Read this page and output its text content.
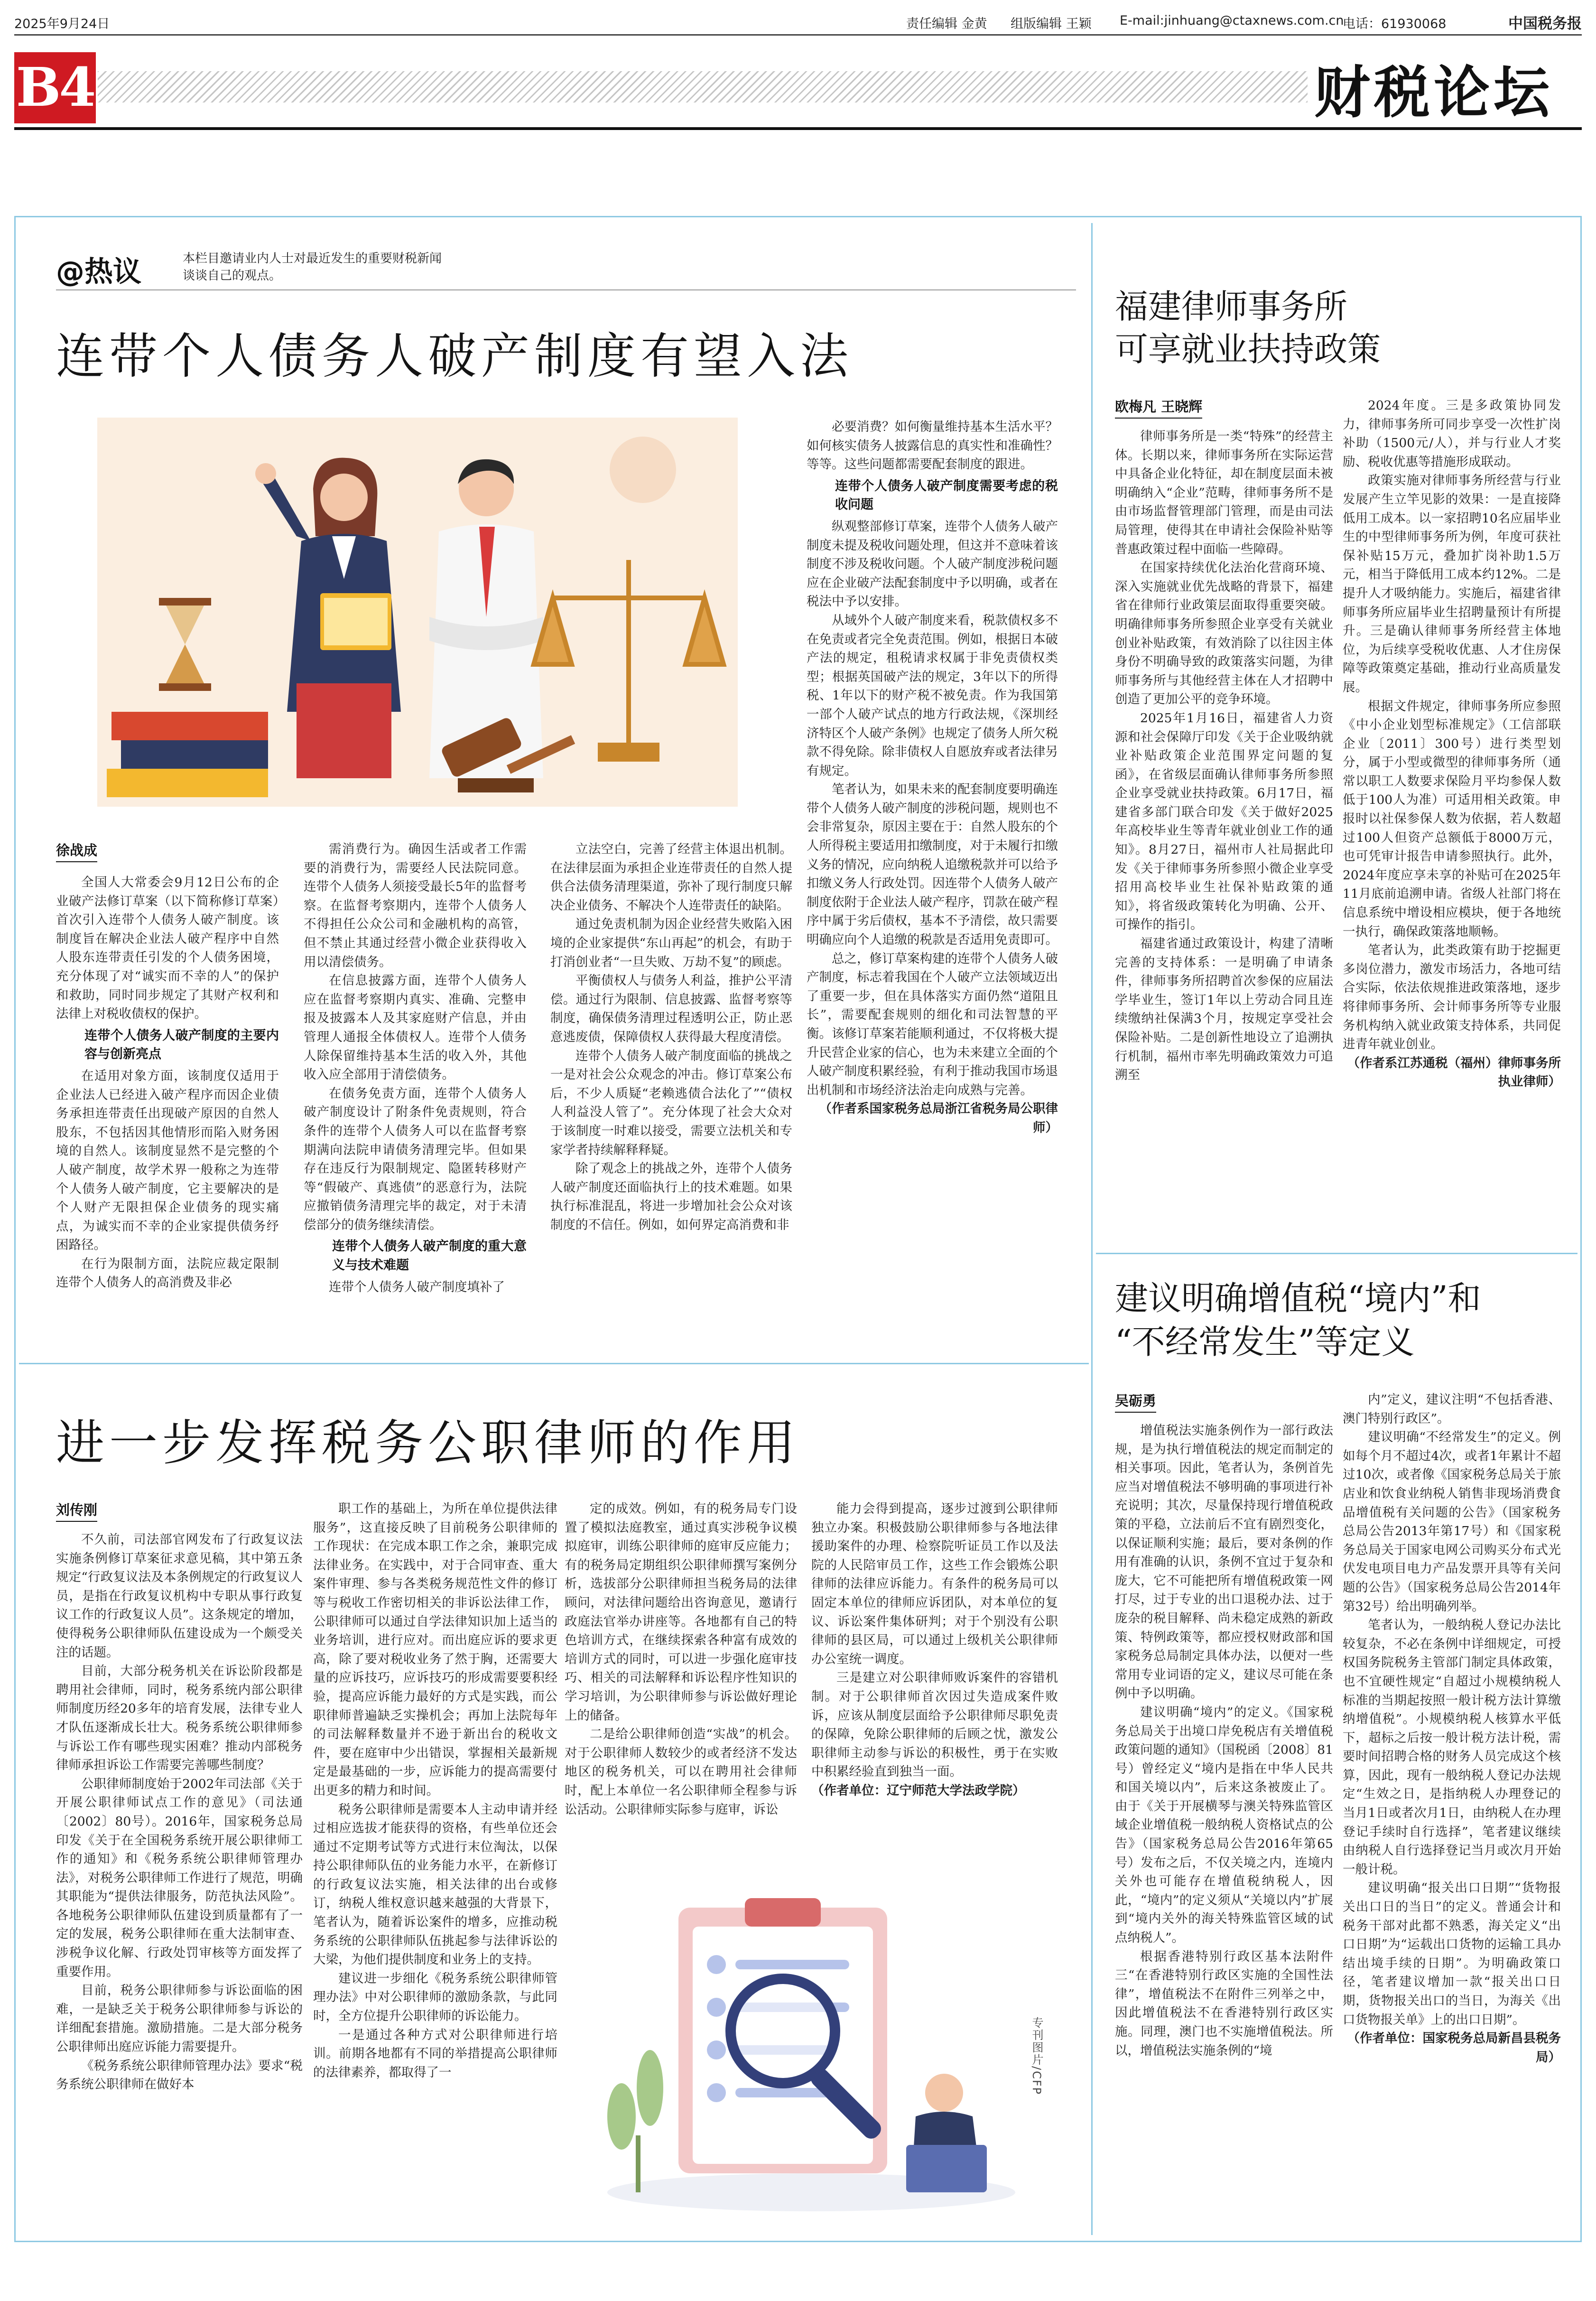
2025年9月24日	责任编辑 金黄 组版编辑 王颖 E-mail:jinhuang@ctaxnews.com.cn
电话：61930068	中国税务报
B4	财税论坛
@热议	本栏目邀请业内人士对最近发生的重要财税新闻谈谈自己的观点。
连带个人债务人破产制度有望入法
徐战成

全国人大常委会9月12日公布的企业破产法修订草案（以下简称修订草案）首次引入连带个人债务人破产制度。该制度旨在解决企业法人破产程序中自然人股东连带责任引发的个人债务困境，充分体现了对“诚实而不幸的人”的保护和救助，同时同步规定了其财产权利和法律上对税收债权的保护。

连带个人债务人破产制度的主要内容与创新亮点

在适用对象方面，该制度仅适用于企业法人已经进入破产程序而因企业债务承担连带责任出现破产原因的自然人股东，不包括因其他情形而陷入财务困境的自然人。该制度显然不是完整的个人破产制度，故学术界一般称之为连带个人债务人破产制度，它主要解决的是个人财产无限担保企业债务的现实痛点，为诚实而不幸的企业家提供债务纾困路径。

在行为限制方面，法院应裁定限制连带个人债务人的高消费及非必

需消费行为。确因生活或者工作需要的消费行为，需要经人民法院同意。连带个人债务人须接受最长5年的监督考察。在监督考察期内，连带个人债务人不得担任公众公司和金融机构的高管，但不禁止其通过经营小微企业获得收入用以清偿债务。

在信息披露方面，连带个人债务人应在监督考察期内真实、准确、完整申报及披露本人及其家庭财产信息，并由管理人通报全体债权人。连带个人债务人除保留维持基本生活的收入外，其他收入应全部用于清偿债务。

在债务免责方面，连带个人债务人破产制度设计了附条件免责规则，符合条件的连带个人债务人可以在监督考察期满向法院申请债务清理完毕。但如果存在违反行为限制规定、隐匿转移财产等“假破产、真逃债”的恶意行为，法院应撤销债务清理完毕的裁定，对于未清偿部分的债务继续清偿。

连带个人债务人破产制度的重大意义与技术难题

连带个人债务人破产制度填补了

立法空白，完善了经营主体退出机制。在法律层面为承担企业连带责任的自然人提供合法债务清理渠道，弥补了现行制度只解决企业债务、不解决个人连带责任的缺陷。

通过免责机制为因企业经营失败陷入困境的企业家提供“东山再起”的机会，有助于打消创业者“一旦失败、万劫不复”的顾虑。

平衡债权人与债务人利益，推护公平清偿。通过行为限制、信息披露、监督考察等制度，确保债务清理过程透明公正，防止恶意逃废债，保障债权人获得最大程度清偿。

连带个人债务人破产制度面临的挑战之一是对社会公众观念的冲击。修订草案公布后，不少人质疑“老赖逃债合法化了”“债权人利益没人管了”。充分体现了社会大众对于该制度一时难以接受，需要立法机关和专家学者持续解释释疑。

除了观念上的挑战之外，连带个人债务人破产制度还面临执行上的技术难题。如果执行标准混乱，将进一步增加社会公众对该制度的不信任。例如，如何界定高消费和非

必要消费？如何衡量维持基本生活水平？如何核实债务人披露信息的真实性和准确性？等等。这些问题都需要配套制度的跟进。

连带个人债务人破产制度需要考虑的税收问题

纵观整部修订草案，连带个人债务人破产制度未提及税收问题处理，但这并不意味着该制度不涉及税收问题。个人破产制度涉税问题应在企业破产法配套制度中予以明确，或者在税法中予以安排。

从域外个人破产制度来看，税款债权多不在免责或者完全免责范围。例如，根据日本破产法的规定，租税请求权属于非免责债权类型；根据英国破产法的规定，3年以下的所得税、1年以下的财产税不被免责。作为我国第一部个人破产试点的地方行政法规，《深圳经济特区个人破产条例》也规定了债务人所欠税款不得免除。除非债权人自愿放弃或者法律另有规定。

笔者认为，如果未来的配套制度要明确连带个人债务人破产制度的涉税问题，规则也不会非常复杂，原因主要在于：自然人股东的个人所得税主要适用扣缴制度，对于未履行扣缴义务的情况，应向纳税人追缴税款并可以给予扣缴义务人行政处罚。因连带个人债务人破产制度依附于企业法人破产程序，罚款在破产程序中属于劣后债权，基本不予清偿，故只需要明确应向个人追缴的税款是否适用免责即可。

总之，修订草案构建的连带个人债务人破产制度，标志着我国在个人破产立法领域迈出了重要一步，但在具体落实方面仍然“道阻且长”，需要配套规则的细化和司法智慧的平衡。该修订草案若能顺利通过，不仅将极大提升民营企业家的信心，也为未来建立全面的个人破产制度积累经验，有利于推动我国市场退出机制和市场经济法治走向成熟与完善。

（作者系国家税务总局浙江省税务局公职律师）

进一步发挥税务公职律师的作用
刘传刚

不久前，司法部官网发布了行政复议法实施条例修订草案征求意见稿，其中第五条规定“行政复议法及本条例规定的行政复议人员，是指在行政复议机构中专职从事行政复议工作的行政复议人员”。这条规定的增加，使得税务公职律师队伍建设成为一个颇受关注的话题。

目前，大部分税务机关在诉讼阶段都是聘用社会律师，同时，税务系统内部公职律师制度历经20多年的培育发展，法律专业人才队伍逐渐成长壮大。税务系统公职律师参与诉讼工作有哪些现实困难？推动内部税务律师承担诉讼工作需要完善哪些制度？

公职律师制度始于2002年司法部《关于开展公职律师试点工作的意见》（司法通〔2002〕80号）。2016年，国家税务总局印发《关于在全国税务系统开展公职律师工作的通知》和《税务系统公职律师管理办法》，对税务公职律师工作进行了规范，明确其职能为“提供法律服务，防范执法风险”。各地税务公职律师队伍建设到质量都有了一定的发展，税务公职律师在重大法制审查、涉税争议化解、行政处罚审核等方面发挥了重要作用。

目前，税务公职律师参与诉讼面临的困难，一是缺乏关于税务公职律师参与诉讼的详细配套措施。激励措施。二是大部分税务公职律师出庭应诉能力需要提升。

《税务系统公职律师管理办法》要求“税务系统公职律师在做好本

职工作的基础上，为所在单位提供法律服务”，这直接反映了目前税务公职律师的工作现状：在完成本职工作之余，兼职完成法律业务。在实践中，对于合同审查、重大案件审理、参与各类税务规范性文件的修订等与税收工作密切相关的非诉讼法律工作，公职律师可以通过自学法律知识加上适当的业务培训，进行应对。而出庭应诉的要求更高，除了要对税收业务了然于胸，还需要大量的应诉技巧，应诉技巧的形成需要要积经验，提高应诉能力最好的方式是实践，而公职律师普遍缺乏实操机会；再加上法院每年的司法解释数量并不逊于新出台的税收文件，要在庭审中少出错误，掌握相关最新规定是最基础的一步，应诉能力的提高需要付出更多的精力和时间。

税务公职律师是需要本人主动申请并经过相应选拔才能获得的资格，有些单位还会通过不定期考试等方式进行末位淘汰，以保持公职律师队伍的业务能力水平，在新修订的行政复议法实施，相关法律的出台或修订，纳税人维权意识越来越强的大背景下，笔者认为，随着诉讼案件的增多，应推动税务系统的公职律师队伍挑起参与法律诉讼的大梁，为他们提供制度和业务上的支持。

建议进一步细化《税务系统公职律师管理办法》中对公职律师的激励条款，与此同时，全方位提升公职律师的诉讼能力。

一是通过各种方式对公职律师进行培训。前期各地都有不同的举措提高公职律师的法律素养，都取得了一

定的成效。例如，有的税务局专门设置了模拟法庭教室，通过真实涉税争议模拟庭审，训练公职律师的庭审反应能力；有的税务局定期组织公职律师撰写案例分析，选拔部分公职律师担当税务局的法律顾问，对法律问题给出咨询意见，邀请行政庭法官举办讲座等。各地都有自己的特色培训方式，在继续探索各种富有成效的培训方式的同时，可以进一步强化庭审技巧、相关的司法解释和诉讼程序性知识的学习培训，为公职律师参与诉讼做好理论上的储备。

二是给公职律师创造“实战”的机会。对于公职律师人数较少的或者经济不发达地区的税务机关，可以在聘用社会律师时，配上本单位一名公职律师全程参与诉讼活动。公职律师实际参与庭审，诉讼

能力会得到提高，逐步过渡到公职律师独立办案。积极鼓励公职律师参与各地法律援助案件的办理、检察院听证员工作以及法院的人民陪审员工作，这些工作会锻炼公职律师的法律应诉能力。有条件的税务局可以固定本单位的律师应诉团队，对本单位的复议、诉讼案件集体研判；对于个别没有公职律师的县区局，可以通过上级机关公职律师办公室统一调度。

三是建立对公职律师败诉案件的容错机制。对于公职律师首次因过失造成案件败诉，应该从制度层面给予公职律师尽职免责的保障，免除公职律师的后顾之忧，激发公职律师主动参与诉讼的积极性，勇于在实败中积累经验直到独当一面。

（作者单位：辽宁师范大学法政学院）

专刊图片/CFP
福建律师事务所
可享就业扶持政策
欧梅凡 王晓辉

律师事务所是一类“特殊”的经营主体。长期以来，律师事务所在实际运营中具备企业化特征，却在制度层面未被明确纳入“企业”范畴，律师事务所不是由市场监督管理部门管理，而是由司法局管理，使得其在申请社会保险补贴等普惠政策过程中面临一些障碍。

在国家持续优化法治化营商环境、深入实施就业优先战略的背景下，福建省在律师行业政策层面取得重要突破。明确律师事务所参照企业享受有关就业创业补贴政策，有效消除了以往因主体身份不明确导致的政策落实问题，为律师事务所与其他经营主体在人才招聘中创造了更加公平的竞争环境。

2025年1月16日，福建省人力资源和社会保障厅印发《关于企业吸纳就业补贴政策企业范围界定问题的复函》，在省级层面确认律师事务所参照企业享受就业扶持政策。6月17日，福建省多部门联合印发《关于做好2025年高校毕业生等青年就业创业工作的通知》。8月27日，福州市人社局据此印发《关于律师事务所参照小微企业享受招用高校毕业生社保补贴政策的通知》，将省级政策转化为明确、公开、可操作的指引。

福建省通过政策设计，构建了清晰完善的支持体系：一是明确了申请条件，律师事务所招聘首次参保的应届法学毕业生，签订1年以上劳动合同且连续缴纳社保满3个月，按规定享受社会保险补贴。二是创新性地设立了追溯执行机制，福州市率先明确政策效力可追溯至

2024年度。三是多政策协同发力，律师事务所可同步享受一次性扩岗补助（1500元/人），并与行业人才奖励、税收优惠等措施形成联动。

政策实施对律师事务所经营与行业发展产生立竿见影的效果：一是直接降低用工成本。以一家招聘10名应届毕业生的中型律师事务所为例，年度可获社保补贴15万元，叠加扩岗补助1.5万元，相当于降低用工成本约12%。二是提升人才吸纳能力。实施后，福建省律师事务所应届毕业生招聘量预计有所提升。三是确认律师事务所经营主体地位，为后续享受税收优惠、人才住房保障等政策奠定基础，推动行业高质量发展。

根据文件规定，律师事务所应参照《中小企业划型标准规定》（工信部联企业〔2011〕300号）进行类型划分，属于小型或微型的律师事务所（通常以职工人数要求保险月平均参保人数低于100人为准）可适用相关政策。申报时以社保参保人数为依据，若人数超过100人但资产总额低于8000万元，也可凭审计报告申请参照执行。此外，2024年度应享未享的补贴可在2025年11月底前追溯申请。省级人社部门将在信息系统中增设相应模块，便于各地统一执行，确保政策落地顺畅。

笔者认为，此类政策有助于挖掘更多岗位潜力，激发市场活力，各地可结合实际，依法依规推进政策落地，逐步将律师事务所、会计师事务所等专业服务机构纳入就业政策支持体系，共同促进青年就业创业。

（作者系江苏通税（福州）律师事务所执业律师）

建议明确增值税“境内”和
“不经常发生”等定义
吴砺勇

增值税法实施条例作为一部行政法规，是为执行增值税法的规定而制定的相关事项。因此，笔者认为，条例首先应当对增值税法不够明确的事项进行补充说明；其次，尽量保持现行增值税政策的平稳，立法前后不宜有剧烈变化，以保证顺利实施；最后，要对条例的作用有准确的认识，条例不宜过于复杂和庞大，它不可能把所有增值税政策一网打尽，过于专业的出口退税办法、过于庞杂的税目解释、尚未稳定成熟的新政策、特例政策等，都应授权财政部和国家税务总局制定具体办法，以便对一些常用专业词语的定义，建议尽可能在条例中予以明确。

建议明确“境内”的定义。《国家税务总局关于出境口岸免税店有关增值税政策问题的通知》（国税函〔2008〕81号）曾经定义“境内是指在中华人民共和国关境以内”，后来这条被废止了。由于《关于开展横琴与澳关特殊监管区域企业增值税一般纳税人资格试点的公告》（国家税务总局公告2016年第65号）发布之后，不仅关境之内，连境内关外也可能存在增值税纳税人，因此，“境内”的定义须从“关境以内”扩展到“境内关外的海关特殊监管区域的试点纳税人”。

根据香港特别行政区基本法附件三“在香港特别行政区实施的全国性法律”，增值税法不在附件三列举之中，因此增值税法不在香港特别行政区实施。同理，澳门也不实施增值税法。所以，增值税法实施条例的“境

内”定义，建议注明“不包括香港、澳门特别行政区”。

建议明确“不经常发生”的定义。例如每个月不超过4次，或者1年累计不超过10次，或者像《国家税务总局关于旅店业和饮食业纳税人销售非现场消费食品增值税有关问题的公告》（国家税务总局公告2013年第17号）和《国家税务总局关于国家电网公司购买分布式光伏发电项目电力产品发票开具等有关问题的公告》（国家税务总局公告2014年第32号）给出明确列举。

笔者认为，一般纳税人登记办法比较复杂，不必在条例中详细规定，可授权国务院税务主管部门制定具体政策，也不宜硬性规定“自超过小规模纳税人标准的当期起按照一般计税方法计算缴纳增值税”。小规模纳税人核算水平低下，超标之后按一般计税方法计税，需要时间招聘合格的财务人员完成这个核算，因此，现有一般纳税人登记办法规定“生效之日，是指纳税人办理登记的当月1日或者次月1日，由纳税人在办理登记手续时自行选择”，笔者建议继续由纳税人自行选择登记当月或次月开始一般计税。

建议明确“报关出口日期”“货物报关出口日的当日”的定义。普通会计和税务干部对此都不熟悉，海关定义“出口日期”为“运载出口货物的运输工具办结出境手续的日期”。为明确政策口径，笔者建议增加一款“报关出口日期，货物报关出口的当日，为海关《出口货物报关单》上的出口日期”。

（作者单位：国家税务总局新昌县税务局）
